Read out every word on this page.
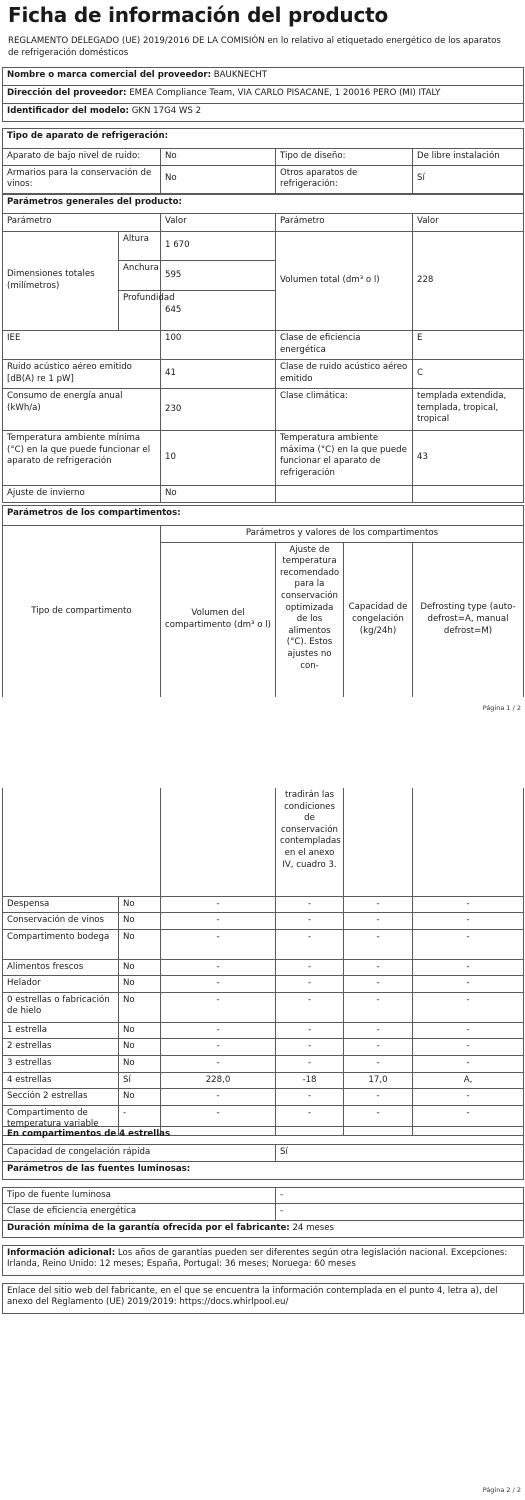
Ficha de información del producto
REGLAMENTO DELEGADO (UE) 2019/2016 DE LA COMISIÓN en lo relativo al etiquetado energético de los aparatos de refrigeración domésticos
Nombre o marca comercial del proveedor: BAUKNECHT
Dirección del proveedor: EMEA Compliance Team, VIA CARLO PISACANE, 1 20016 PERO (MI) ITALY
Identificador del modelo: GKN 17G4 WS 2
Tipo de aparato de refrigeración:			
Aparato de bajo nivel de ruido:	No	Tipo de diseño:	De libre instalación
Armarios para la conservación de vinos:	No	Otros aparatos de refrigeración:	Sí
Parámetros generales del producto:				
Parámetro		Valor	Parámetro	Valor
Dimensiones totales (milímetros)	Altura	1 670	Volumen total (dm³ o l)	228
	Anchura	595		
	Profundidad	645		
IEE		100	Clase de eficiencia energética	E
Ruido acústico aéreo emitido [dB(A) re 1 pW]		41	Clase de ruido acústico aéreo emitido	C
Consumo de energía anual (kWh/a)		230	Clase climática:	templada extendida, templada, tropical, tropical
Temperatura ambiente mínima (°C) en la que puede funcionar el aparato de refrigeración		10	Temperatura ambiente máxima (°C) en la que puede funcionar el aparato de refrigeración	43
Ajuste de invierno		No		
Parámetros de los compartimentos:				
Tipo de compartimento	Parámetros y valores de los compartimentos			
	Volumen del compartimento (dm³ o l)	Ajuste de temperatura recomendado para la conservación optimizada de los alimentos (°C). Estos ajustes no con-	Capacidad de congelación (kg/24h)	Defrosting type (auto-defrost=A, manual defrost=M)
Página 1 / 2
			tradirán las condiciones de conservación contempladas en el anexo IV, cuadro 3.		
Despensa	No	-	-	-	-
Conservación de vinos	No	-	-	-	-
Compartimento bodega	No	-	-	-	-
Alimentos frescos	No	-	-	-	-
Helador	No	-	-	-	-
0 estrellas o fabricación de hielo	No	-	-	-	-
1 estrella	No	-	-	-	-
2 estrellas	No	-	-	-	-
3 estrellas	No	-	-	-	-
4 estrellas	Sí	228,0	-18	17,0	A,
Sección 2 estrellas	No	-	-	-	-
Compartimento de temperatura variable	-	-	-	-	-
En compartimentos de 4 estrellas	
Capacidad de congelación rápida	Sí
Parámetros de las fuentes luminosas:	

Tipo de fuente luminosa	-
Clase de eficiencia energética	-
Duración mínima de la garantía ofrecida por el fabricante: 24 meses	

Información adicional: Los años de garantías pueden ser diferentes según otra legislación nacional. Excepciones: Irlanda, Reino Unido: 12 meses; España, Portugal: 36 meses; Noruega: 60 meses	

Enlace del sitio web del fabricante, en el que se encuentra la información contemplada en el punto 4, letra a), del anexo del Reglamento (UE) 2019/2019: https://docs.whirlpool.eu/	
Página 2 / 2
